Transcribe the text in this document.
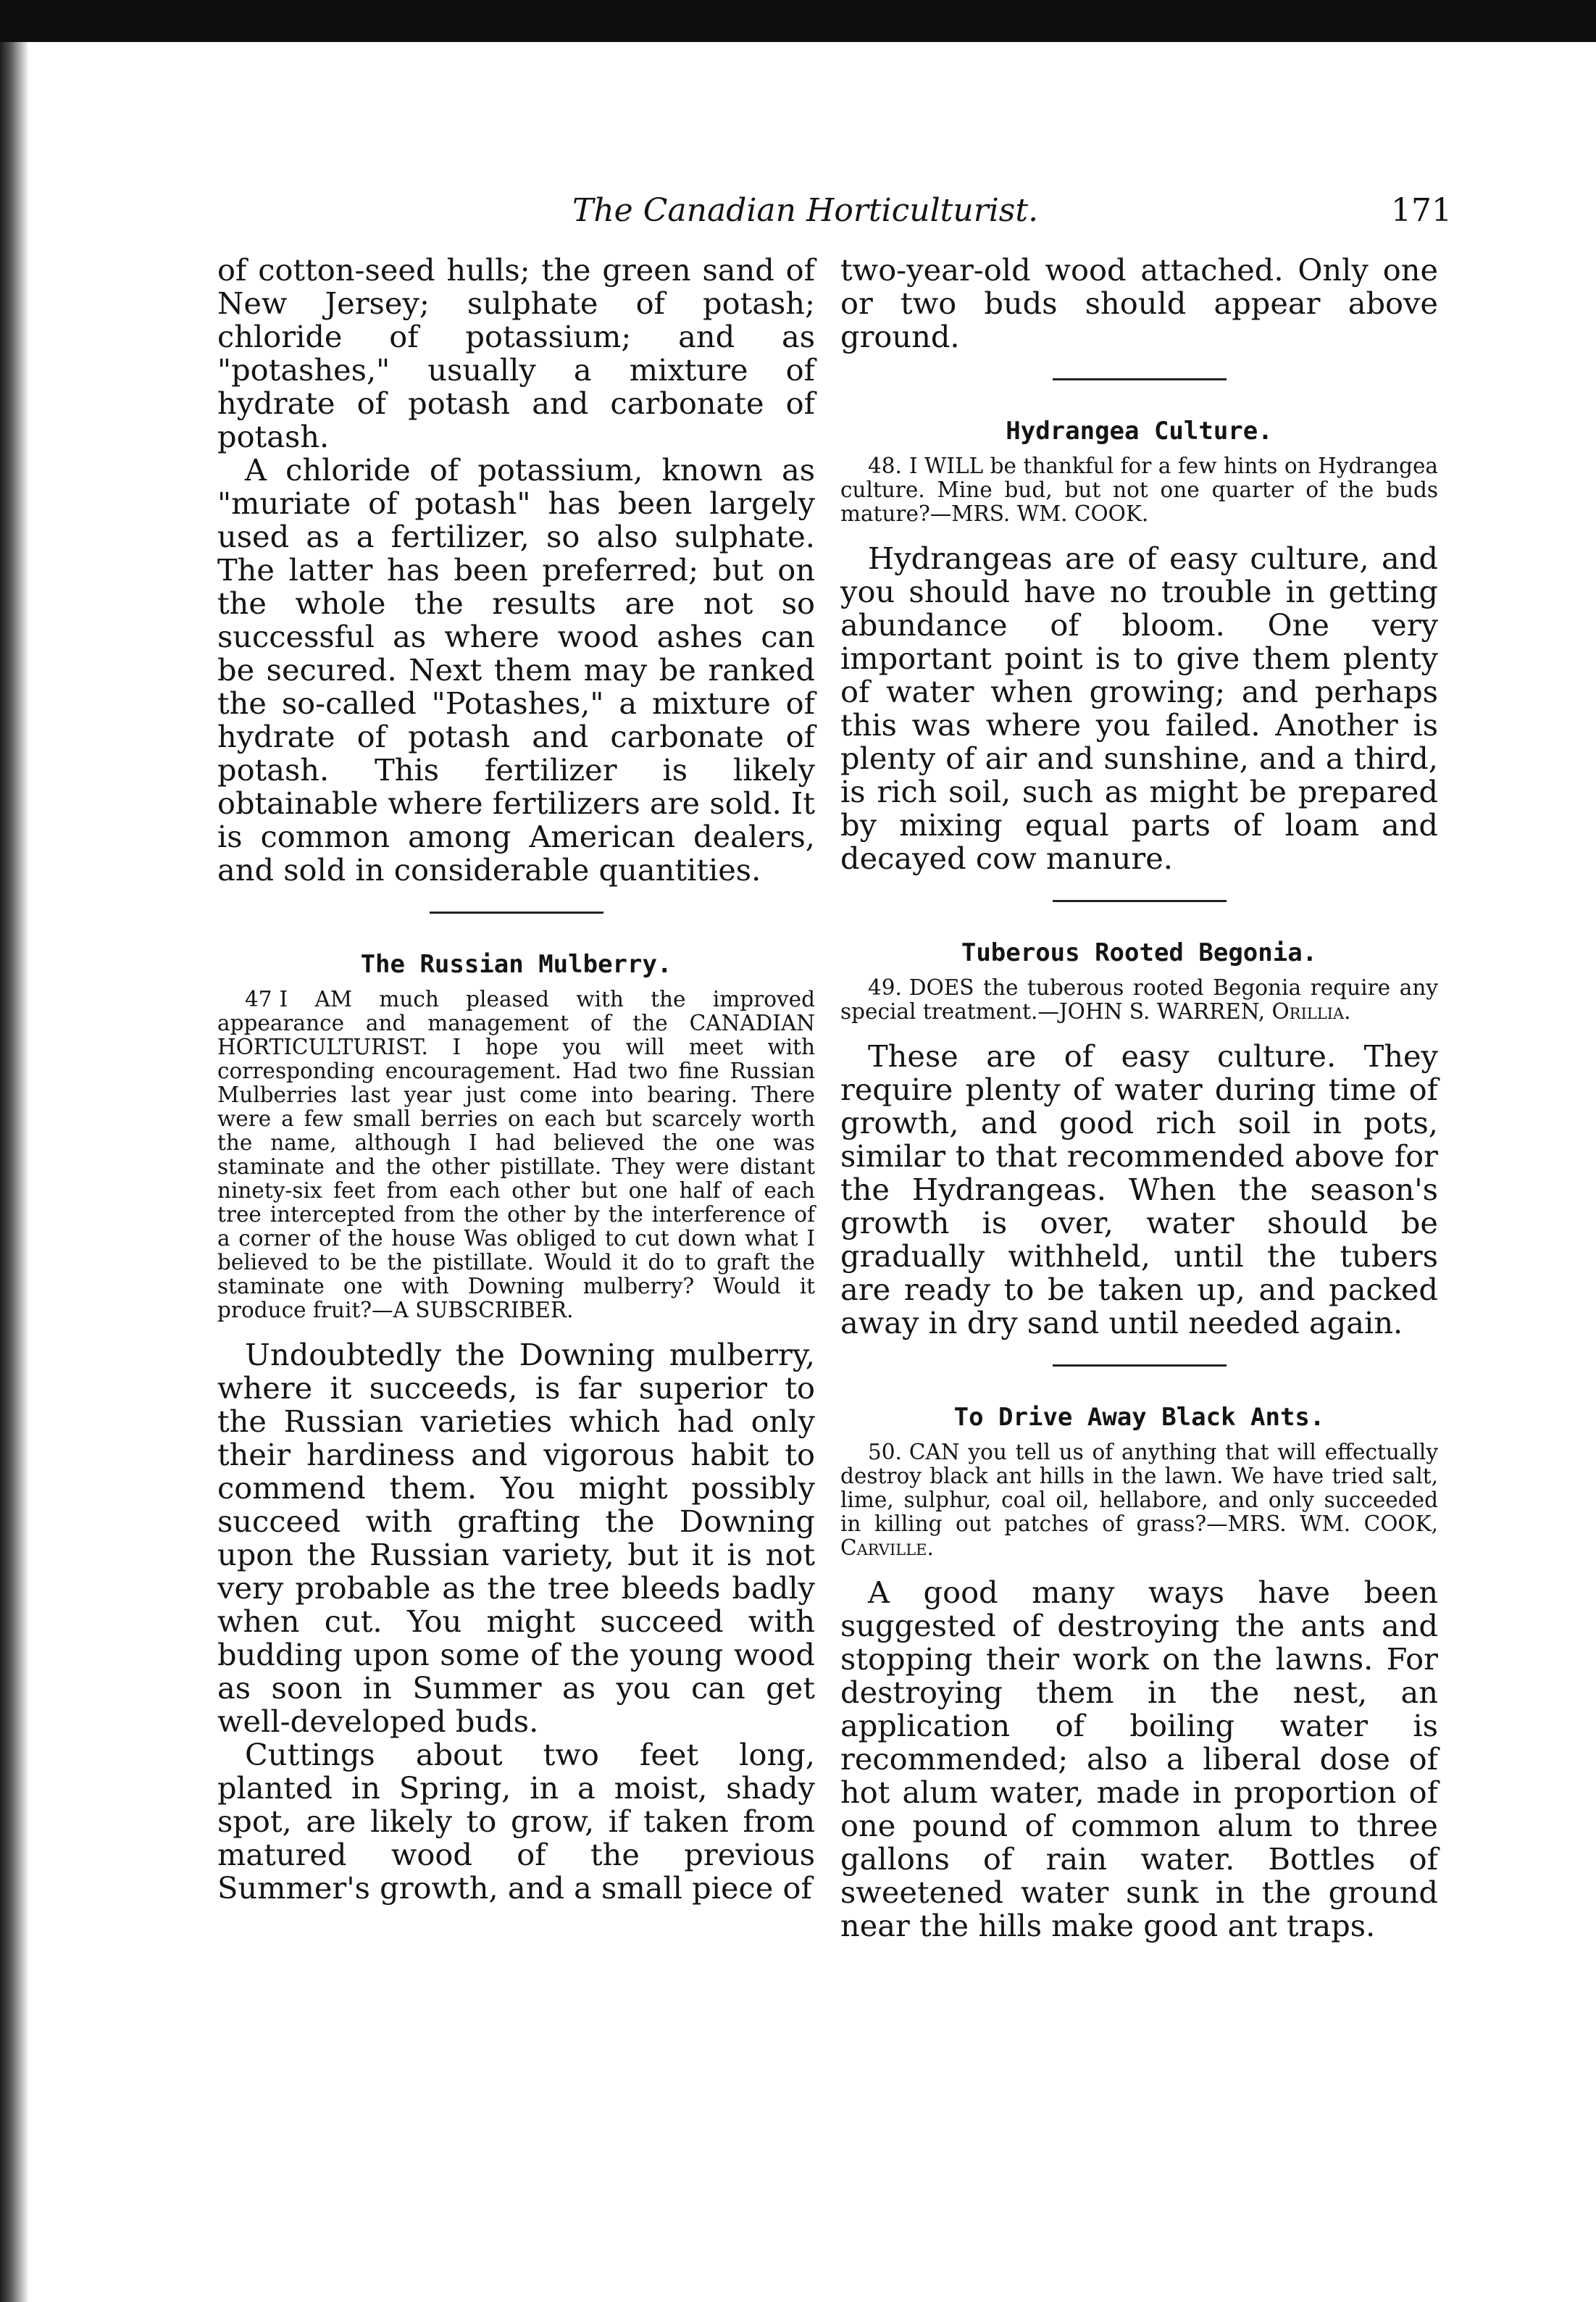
The Canadian Horticulturist.	171

of cotton-seed hulls; the green sand of New Jersey; sulphate of potash; chloride of potassium; and as "potashes," usually a mixture of hydrate of potash and carbonate of potash.

A chloride of potassium, known as "muriate of potash" has been largely used as a fertilizer, so also sulphate. The latter has been preferred; but on the whole the results are not so successful as where wood ashes can be secured. Next them may be ranked the so-called "Potashes," a mixture of hydrate of potash and carbonate of potash. This fertilizer is likely obtainable where fertilizers are sold. It is common among American dealers, and sold in considerable quantities.

The Russian Mulberry.

47 I AM much pleased with the improved appearance and management of the CANADIAN HORTICULTURIST. I hope you will meet with corresponding encouragement. Had two fine Russian Mulberries last year just come into bearing. There were a few small berries on each but scarcely worth the name, although I had believed the one was staminate and the other pistillate. They were distant ninety-six feet from each other but one half of each tree intercepted from the other by the interference of a corner of the house Was obliged to cut down what I believed to be the pistillate. Would it do to graft the staminate one with Downing mulberry? Would it produce fruit?—A SUBSCRIBER.

Undoubtedly the Downing mulberry, where it succeeds, is far superior to the Russian varieties which had only their hardiness and vigorous habit to commend them. You might possibly succeed with grafting the Downing upon the Russian variety, but it is not very probable as the tree bleeds badly when cut. You might succeed with budding upon some of the young wood as soon in Summer as you can get well-developed buds.

Cuttings about two feet long, planted in Spring, in a moist, shady spot, are likely to grow, if taken from matured wood of the previous Summer's growth, and a small piece of

two-year-old wood attached. Only one or two buds should appear above ground.

Hydrangea Culture.

48. I WILL be thankful for a few hints on Hydrangea culture. Mine bud, but not one quarter of the buds mature?—MRS. WM. COOK.

Hydrangeas are of easy culture, and you should have no trouble in getting abundance of bloom. One very important point is to give them plenty of water when growing; and perhaps this was where you failed. Another is plenty of air and sunshine, and a third, is rich soil, such as might be prepared by mixing equal parts of loam and decayed cow manure.

Tuberous Rooted Begonia.

49. DOES the tuberous rooted Begonia require any special treatment.—JOHN S. WARREN, Orillia.

These are of easy culture. They require plenty of water during time of growth, and good rich soil in pots, similar to that recommended above for the Hydrangeas. When the season's growth is over, water should be gradually withheld, until the tubers are ready to be taken up, and packed away in dry sand until needed again.

To Drive Away Black Ants.

50. CAN you tell us of anything that will effectually destroy black ant hills in the lawn. We have tried salt, lime, sulphur, coal oil, hellabore, and only succeeded in killing out patches of grass?—MRS. WM. COOK, Carville.

A good many ways have been suggested of destroying the ants and stopping their work on the lawns. For destroying them in the nest, an application of boiling water is recommended; also a liberal dose of hot alum water, made in proportion of one pound of common alum to three gallons of rain water. Bottles of sweetened water sunk in the ground near the hills make good ant traps.
